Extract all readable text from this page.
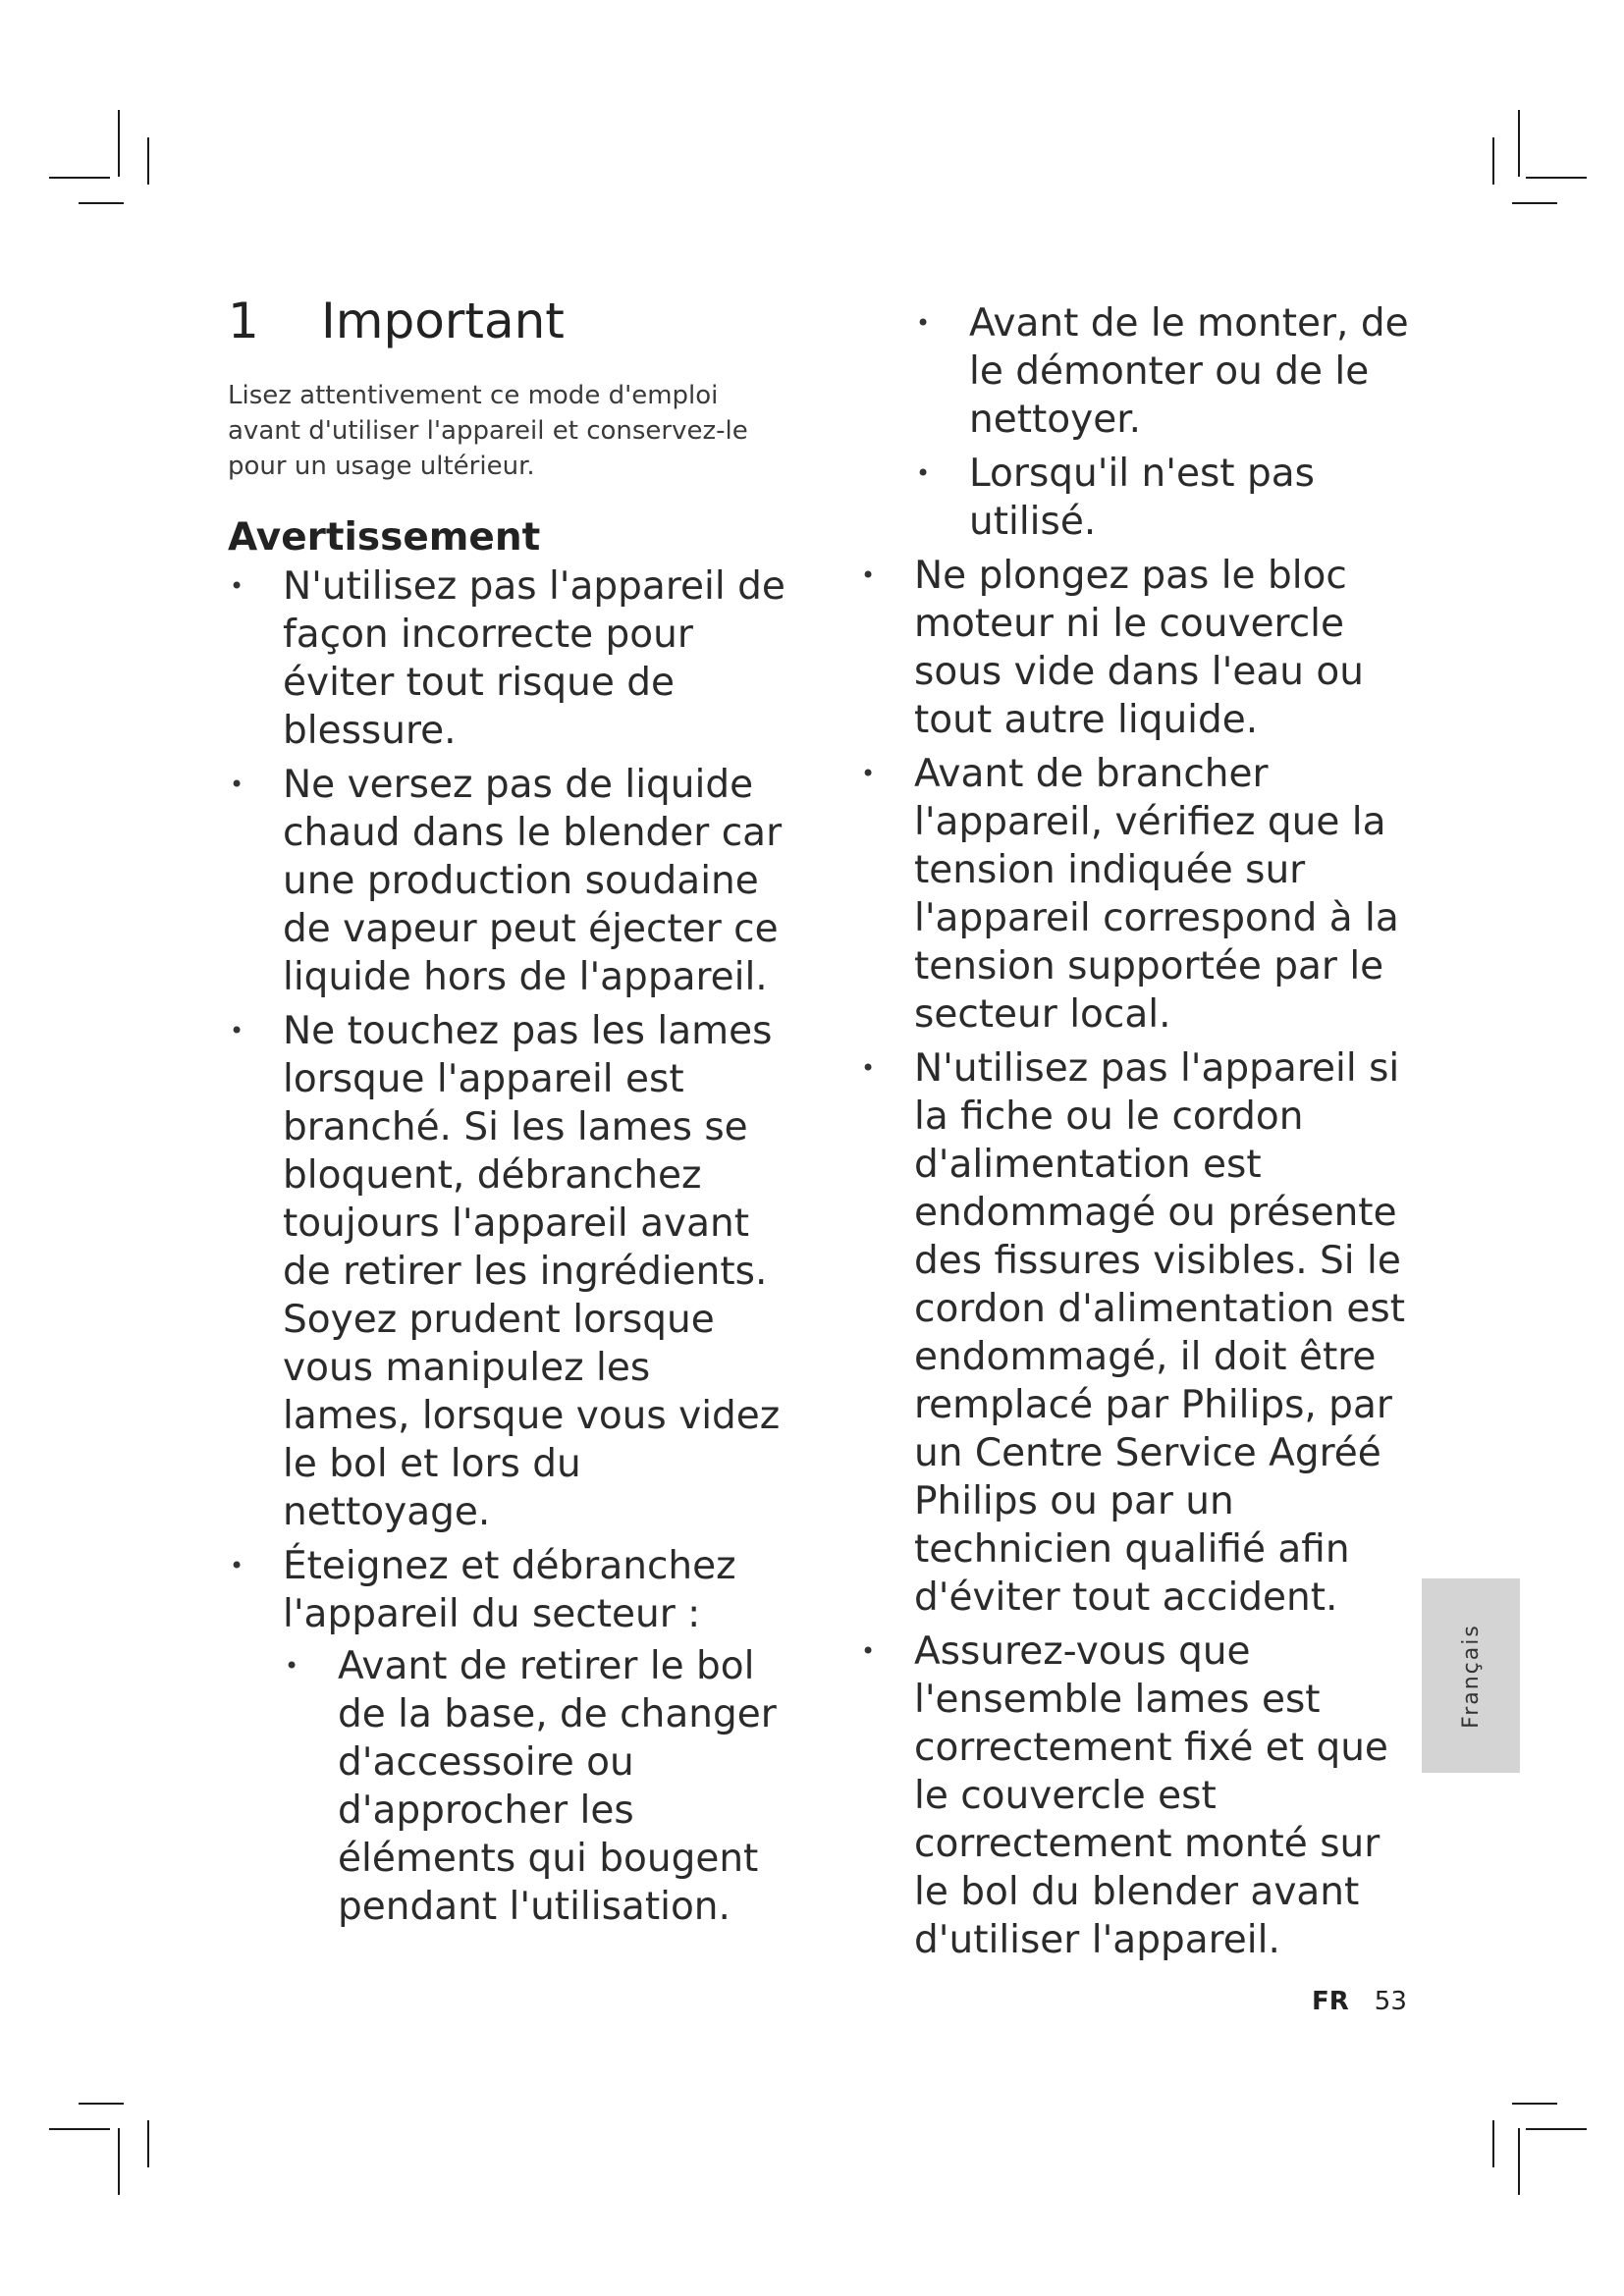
1	Important

Lisez attentivement ce mode d'emploi avant d'utiliser l'appareil et conservez-le pour un usage ultérieur.

Avertissement
• N'utilisez pas l'appareil de façon incorrecte pour éviter tout risque de blessure.
• Ne versez pas de liquide chaud dans le blender car une production soudaine de vapeur peut éjecter ce liquide hors de l'appareil.
• Ne touchez pas les lames lorsque l'appareil est branché. Si les lames se bloquent, débranchez toujours l'appareil avant de retirer les ingrédients. Soyez prudent lorsque vous manipulez les lames, lorsque vous videz le bol et lors du nettoyage.
• Éteignez et débranchez l'appareil du secteur :
• Avant de retirer le bol de la base, de changer d'accessoire ou d'approcher les éléments qui bougent pendant l'utilisation.
• Avant de le monter, de le démonter ou de le nettoyer.
• Lorsqu'il n'est pas utilisé.
• Ne plongez pas le bloc moteur ni le couvercle sous vide dans l'eau ou tout autre liquide.
• Avant de brancher l'appareil, vérifiez que la tension indiquée sur l'appareil correspond à la tension supportée par le secteur local.
• N'utilisez pas l'appareil si la fiche ou le cordon d'alimentation est endommagé ou présente des fissures visibles. Si le cordon d'alimentation est endommagé, il doit être remplacé par Philips, par un Centre Service Agréé Philips ou par un technicien qualifié afin d'éviter tout accident.
• Assurez-vous que l'ensemble lames est correctement fixé et que le couvercle est correctement monté sur le bol du blender avant d'utiliser l'appareil.
Français
FR 53
